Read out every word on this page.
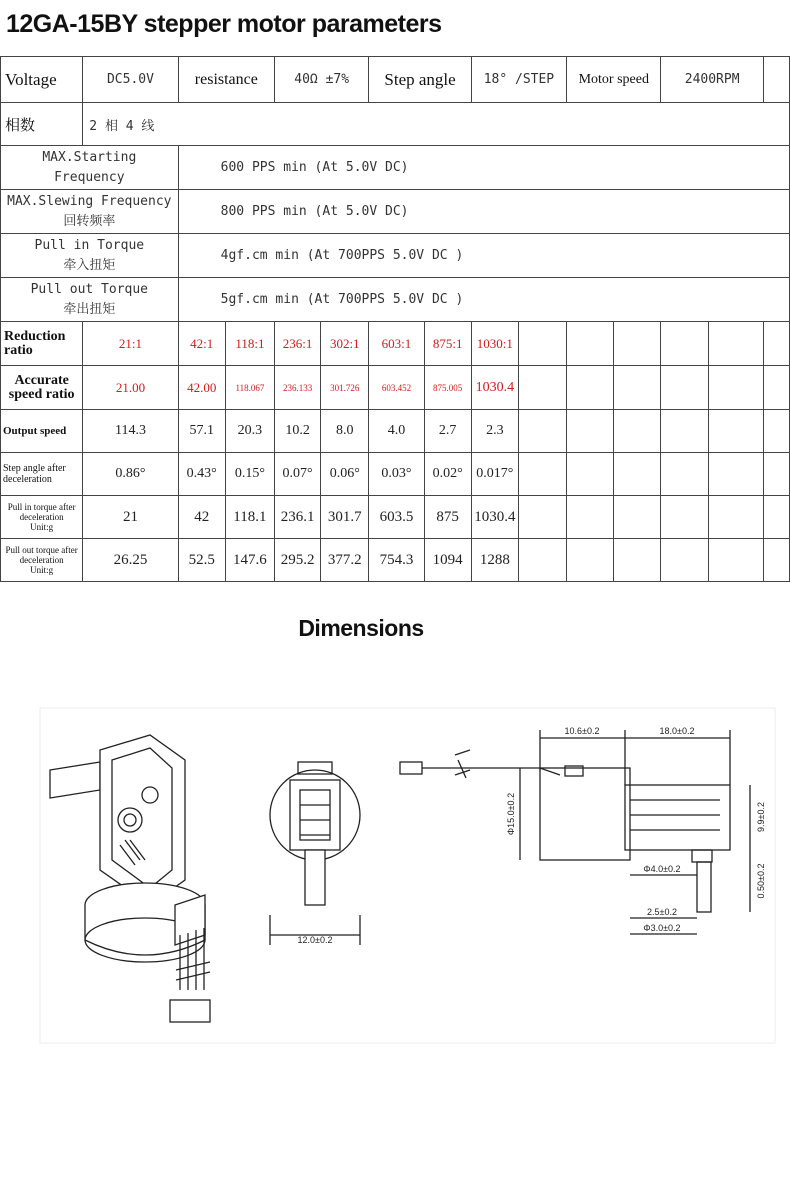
12GA-15BY stepper motor parameters
Voltage	DC5.0V	resistance		40Ω ±7%		Step angle		18° /STEP		Motor speed		2400RPM		
相数	2 相 4 线													

MAX.Starting
Frequency		600 PPS min (At 5.0V DC)												

MAX.Slewing Frequency
回转频率		800 PPS min (At 5.0V DC)												

Pull in Torque
牵入扭矩		4gf.cm min (At 700PPS 5.0V DC )												

Pull out Torque
牵出扭矩		5gf.cm min (At 700PPS 5.0V DC )												

Reduction
ratio	21:1	42:1	118:1	236:1	302:1	603:1	875:1	1030:1						

Accurate
speed ratio	21.00	42.00	118.067	236.133	301.726	603.452	875.005	1030.4						
Output speed	114.3	57.1	20.3	10.2	8.0	4.0	2.7	2.3						

Step angle after
deceleration	0.86°	0.43°	0.15°	0.07°	0.06°	0.03°	0.02°	0.017°						

Pull in torque after
deceleration
Unit:g	21	42	118.1	236.1	301.7	603.5	875	1030.4						

Pull out torque after
deceleration
Unit:g	26.25	52.5	147.6	295.2	377.2	754.3	1094	1288						
Dimensions
12.0±0.2
10.6±0.2	18.0±0.2
Φ15.0±0.2	9.9±0.2
0.50±0.2
Φ4.0±0.2
2.5±0.2
Φ3.0±0.2
